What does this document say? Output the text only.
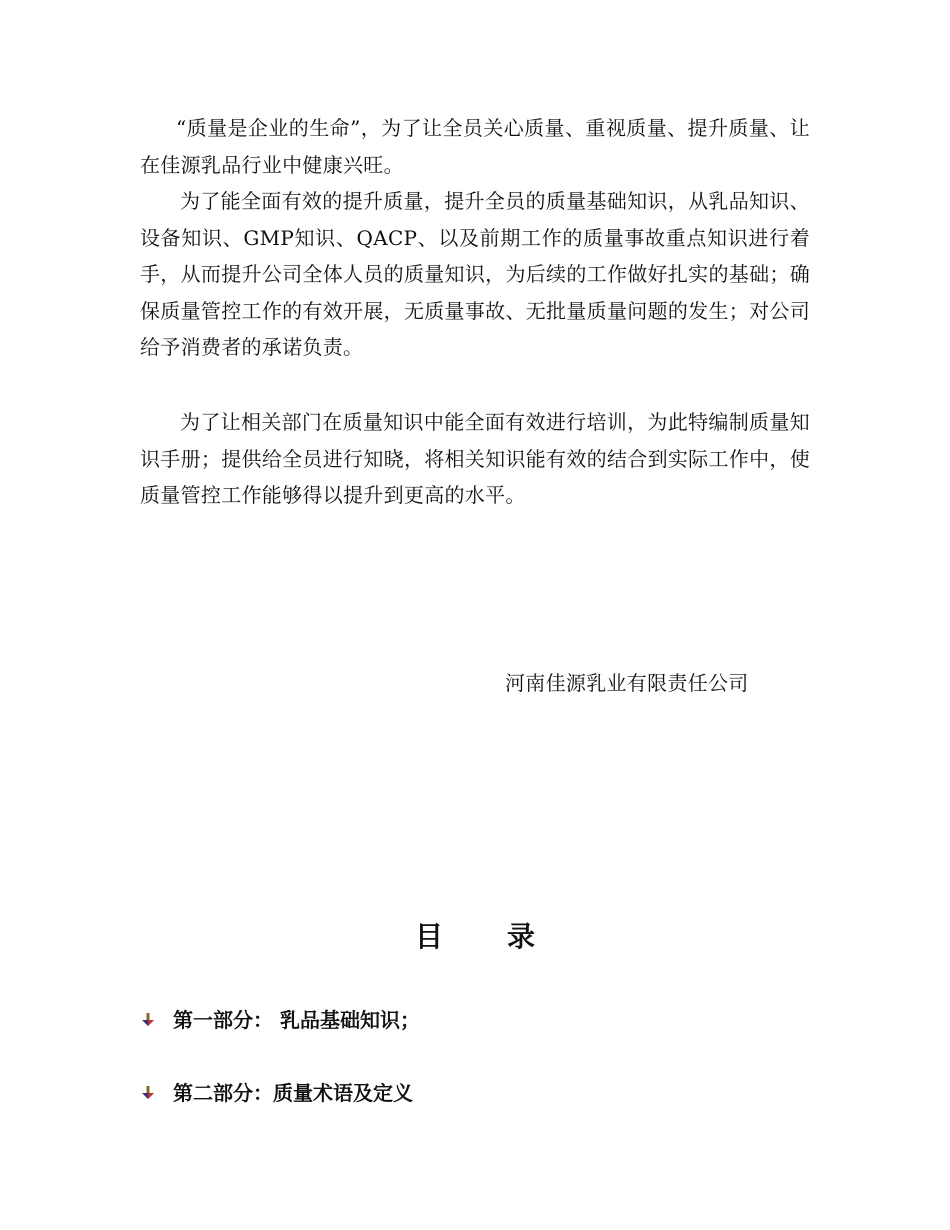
“质量是企业的生命”，为了让全员关心质量、重视质量、提升质量、让在佳源乳品行业中健康兴旺。

为了能全面有效的提升质量，提升全员的质量基础知识，从乳品知识、设备知识、GMP知识、QACP、以及前期工作的质量事故重点知识进行着手，从而提升公司全体人员的质量知识，为后续的工作做好扎实的基础；确保质量管控工作的有效开展，无质量事故、无批量质量问题的发生；对公司给予消费者的承诺负责。

为了让相关部门在质量知识中能全面有效进行培训，为此特编制质量知识手册；提供给全员进行知晓，将相关知识能有效的结合到实际工作中，使质量管控工作能够得以提升到更高的水平。

河南佳源乳业有限责任公司
目录
第一部分： 乳品基础知识；
第二部分：质量术语及定义
